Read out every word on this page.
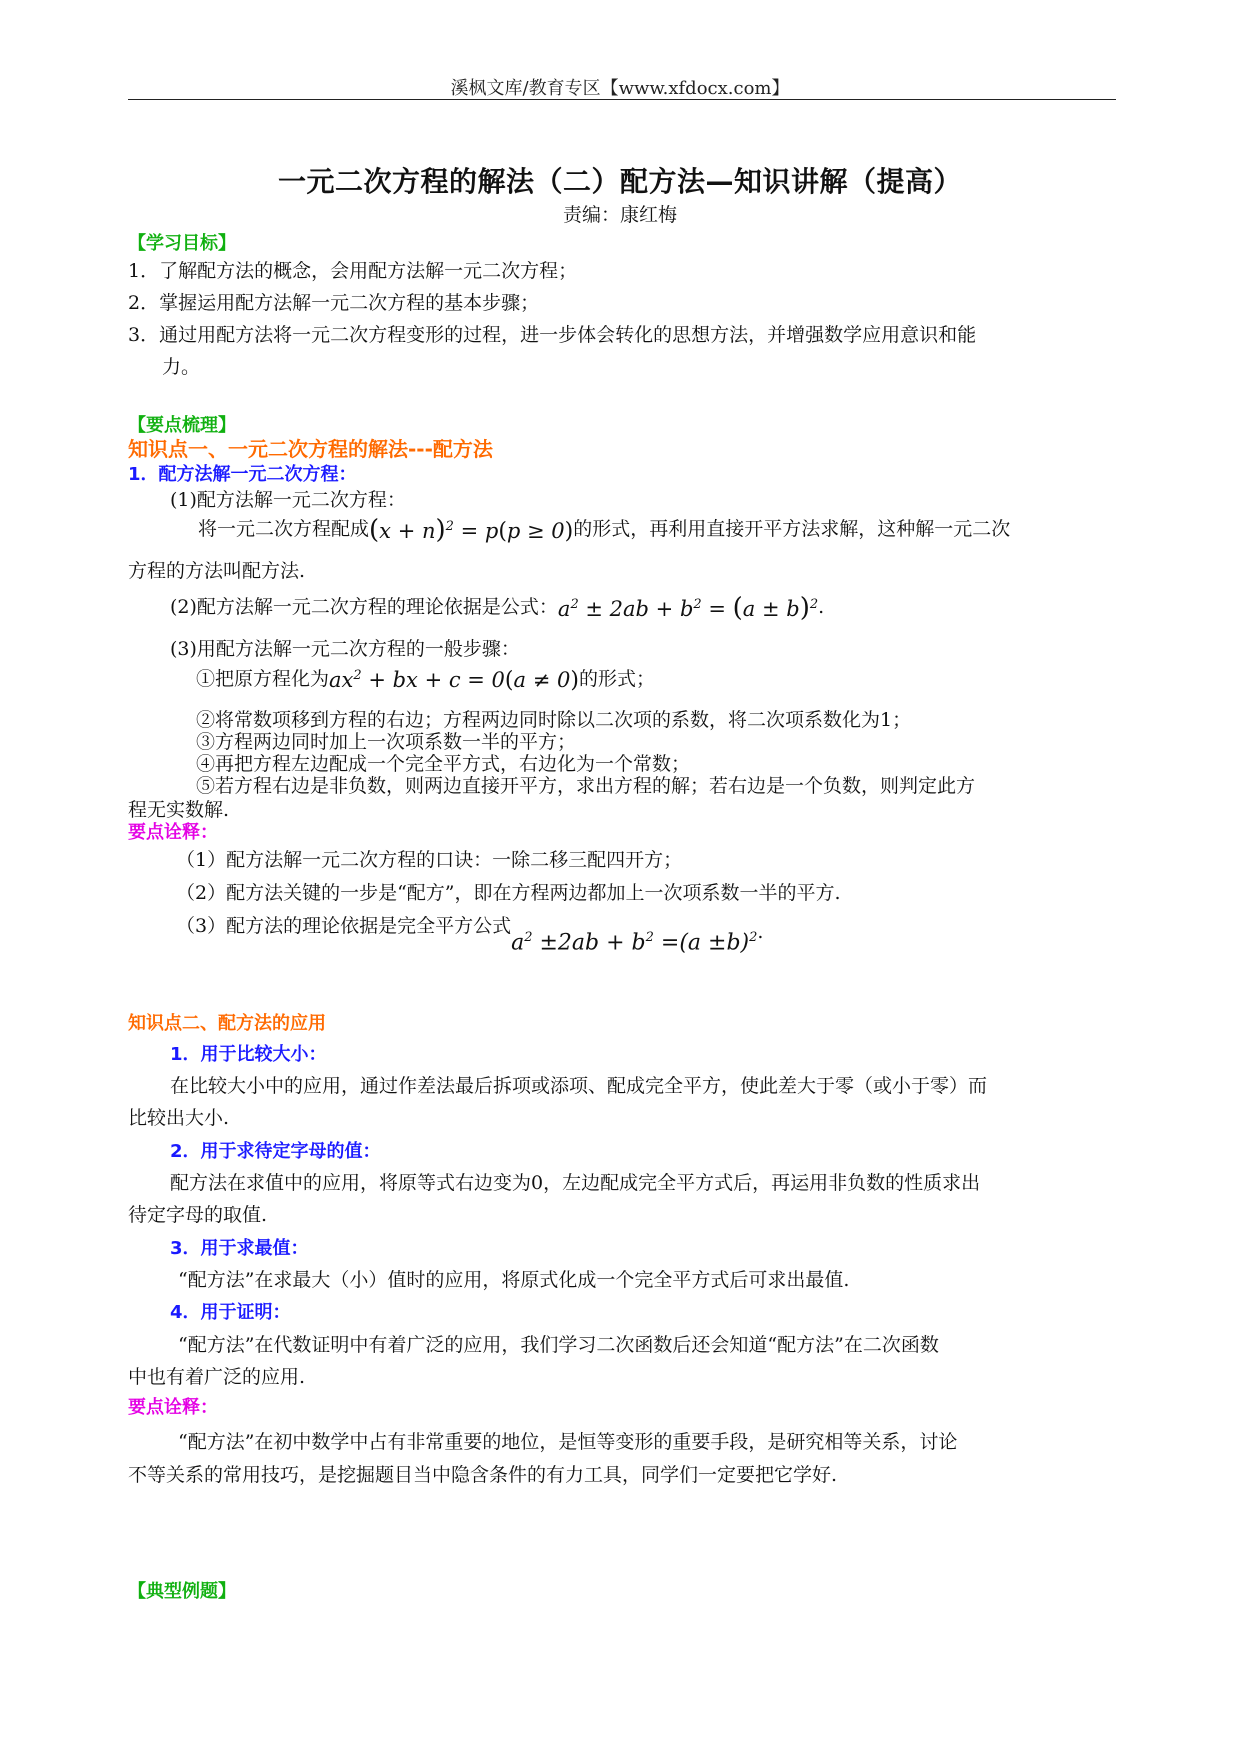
溪枫文库/教育专区【www.xfdocx.com】
一元二次方程的解法（二）配方法—知识讲解（提高）
责编：康红梅
【学习目标】
1．了解配方法的概念，会用配方法解一元二次方程；
2．掌握运用配方法解一元二次方程的基本步骤；
3．通过用配方法将一元二次方程变形的过程，进一步体会转化的思想方法，并增强数学应用意识和能
力。
【要点梳理】
知识点一、一元二次方程的解法---配方法
1．配方法解一元二次方程：
(1)配方法解一元二次方程：
将一元二次方程配成$(x + n)^2 = p(p \ge 0)$的形式，再利用直接开平方法求解，这种解一元二次
方程的方法叫配方法.
(2)配方法解一元二次方程的理论依据是公式：$a^2 \pm 2ab + b^2 = (a \pm b)^2$.
(3)用配方法解一元二次方程的一般步骤：
①把原方程化为$ax^2$ + bx + c = 0(a ≠ 0)的形式；
②将常数项移到方程的右边；方程两边同时除以二次项的系数，将二次项系数化为1；
③方程两边同时加上一次项系数一半的平方；
④再把方程左边配成一个完全平方式，右边化为一个常数；
⑤若方程右边是非负数，则两边直接开平方，求出方程的解；若右边是一个负数，则判定此方
程无实数解.
要点诠释：
（1）配方法解一元二次方程的口诀：一除二移三配四开方；
（2）配方法关键的一步是“配方”，即在方程两边都加上一次项系数一半的平方.
（3）配方法的理论依据是完全平方公式$a^2 \pm 2ab + b^2 =(a \pm b)^2$.
知识点二、配方法的应用
1．用于比较大小：
在比较大小中的应用，通过作差法最后拆项或添项、配成完全平方，使此差大于零（或小于零）而
比较出大小.
2．用于求待定字母的值：
配方法在求值中的应用，将原等式右边变为0，左边配成完全平方式后，再运用非负数的性质求出
待定字母的取值.
3．用于求最值：
“配方法”在求最大（小）值时的应用，将原式化成一个完全平方式后可求出最值.
4．用于证明：
“配方法”在代数证明中有着广泛的应用，我们学习二次函数后还会知道“配方法”在二次函数
中也有着广泛的应用.
要点诠释：
“配方法”在初中数学中占有非常重要的地位，是恒等变形的重要手段，是研究相等关系，讨论
不等关系的常用技巧，是挖掘题目当中隐含条件的有力工具，同学们一定要把它学好.
【典型例题】
